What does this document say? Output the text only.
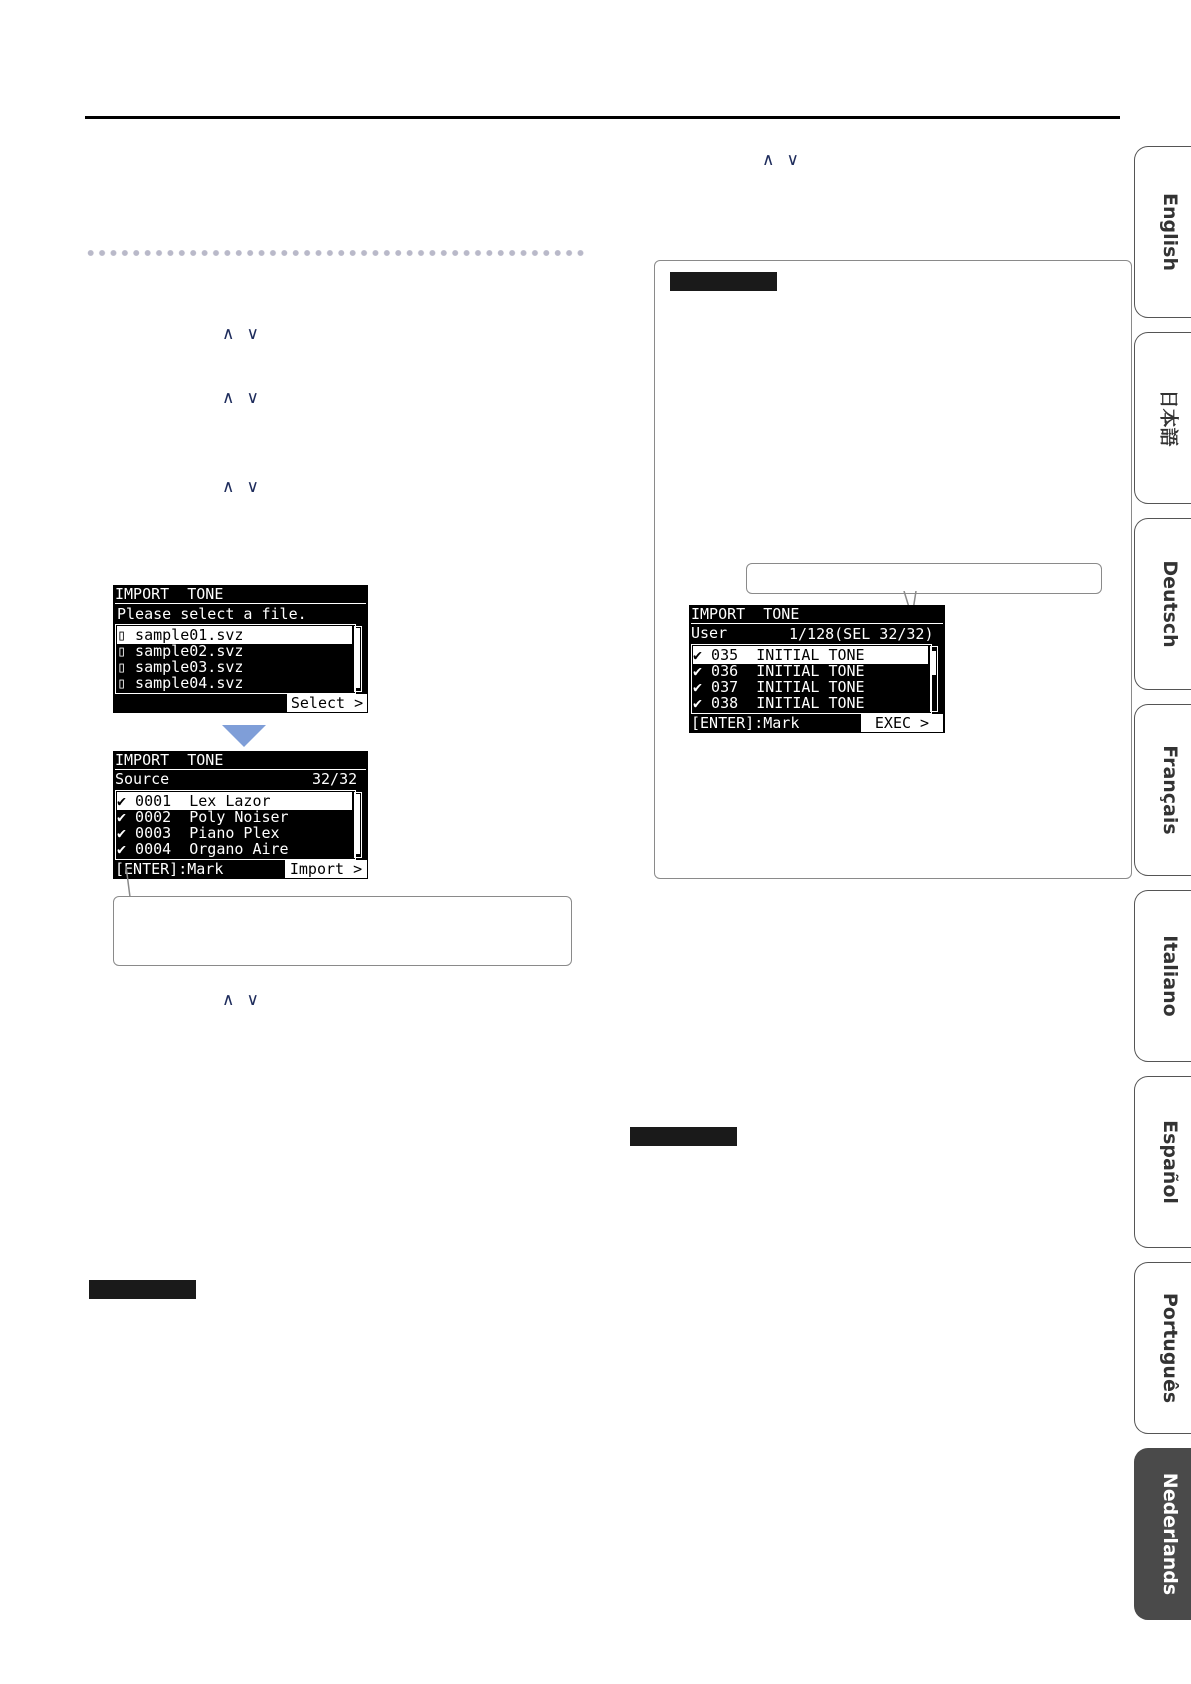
∧ ∨
∧ ∨
∧ ∨
∧ ∨
∧ ∨
IMPORT  TONE
Please select a file.
▯ sample01.svz
▯ sample02.svz
▯ sample03.svz
▯ sample04.svz
Select >
IMPORT  TONE
Source	32/32
✔ 0001  Lex Lazor
✔ 0002  Poly Noiser
✔ 0003  Piano Plex
✔ 0004  Organo Aire
[ENTER]:Mark	Import >
IMPORT  TONE
User	1/128(SEL 32/32)
✔ 035  INITIAL TONE
✔ 036  INITIAL TONE
✔ 037  INITIAL TONE
✔ 038  INITIAL TONE
[ENTER]:Mark	EXEC >
English
日本語
Deutsch
Français
Italiano
Español
Português
Nederlands
